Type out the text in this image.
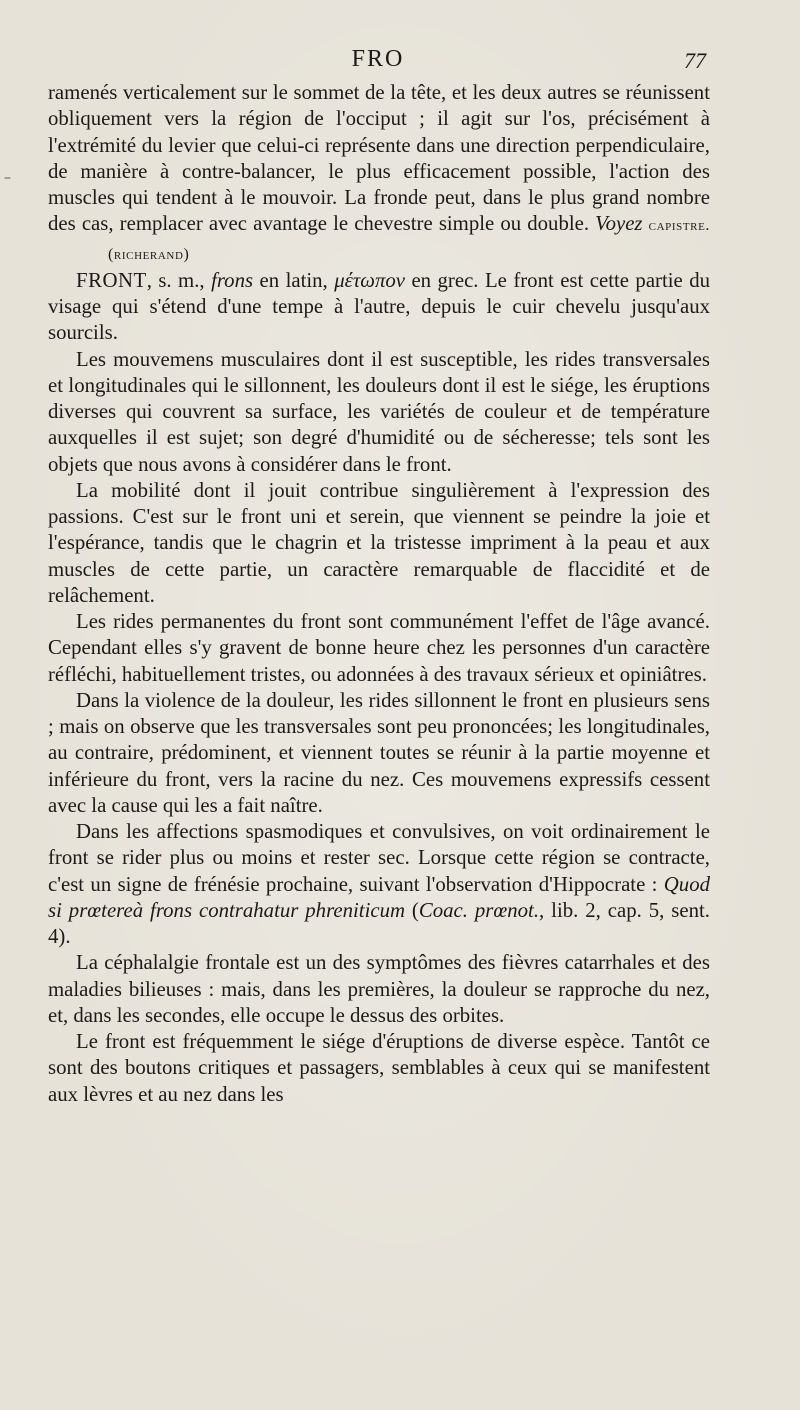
FRO	77
–

ramenés verticalement sur le sommet de la tête, et les deux autres se réunissent obliquement vers la région de l'occiput ; il agit sur l'os, précisément à l'extrémité du levier que celui-ci représente dans une direction perpendiculaire, de manière à contre-balancer, le plus efficacement possible, l'action des muscles qui tendent à le mouvoir. La fronde peut, dans le plus grand nombre des cas, remplacer avec avantage le chevestre simple ou double. Voyez capistre.(richerand)

FRONT, s. m., frons en latin, μέτωπον en grec. Le front est cette partie du visage qui s'étend d'une tempe à l'autre, depuis le cuir chevelu jusqu'aux sourcils.

Les mouvemens musculaires dont il est susceptible, les rides transversales et longitudinales qui le sillonnent, les douleurs dont il est le siége, les éruptions diverses qui couvrent sa surface, les variétés de couleur et de température auxquelles il est sujet; son degré d'humidité ou de sécheresse; tels sont les objets que nous avons à considérer dans le front.

La mobilité dont il jouit contribue singulièrement à l'expression des passions. C'est sur le front uni et serein, que viennent se peindre la joie et l'espérance, tandis que le chagrin et la tristesse impriment à la peau et aux muscles de cette partie, un caractère remarquable de flaccidité et de relâchement.

Les rides permanentes du front sont communément l'effet de l'âge avancé. Cependant elles s'y gravent de bonne heure chez les personnes d'un caractère réfléchi, habituellement tristes, ou adonnées à des travaux sérieux et opiniâtres.

Dans la violence de la douleur, les rides sillonnent le front en plusieurs sens ; mais on observe que les transversales sont peu prononcées; les longitudinales, au contraire, prédominent, et viennent toutes se réunir à la partie moyenne et inférieure du front, vers la racine du nez. Ces mouvemens expressifs cessent avec la cause qui les a fait naître.

Dans les affections spasmodiques et convulsives, on voit ordinairement le front se rider plus ou moins et rester sec. Lorsque cette région se contracte, c'est un signe de frénésie prochaine, suivant l'observation d'Hippocrate : Quod si prœtereà frons contrahatur phreniticum (Coac. prœnot., lib. 2, cap. 5, sent. 4).

La céphalalgie frontale est un des symptômes des fièvres catarrhales et des maladies bilieuses : mais, dans les premières, la douleur se rapproche du nez, et, dans les secondes, elle occupe le dessus des orbites.

Le front est fréquemment le siége d'éruptions de diverse espèce. Tantôt ce sont des boutons critiques et passagers, semblables à ceux qui se manifestent aux lèvres et au nez dans les
